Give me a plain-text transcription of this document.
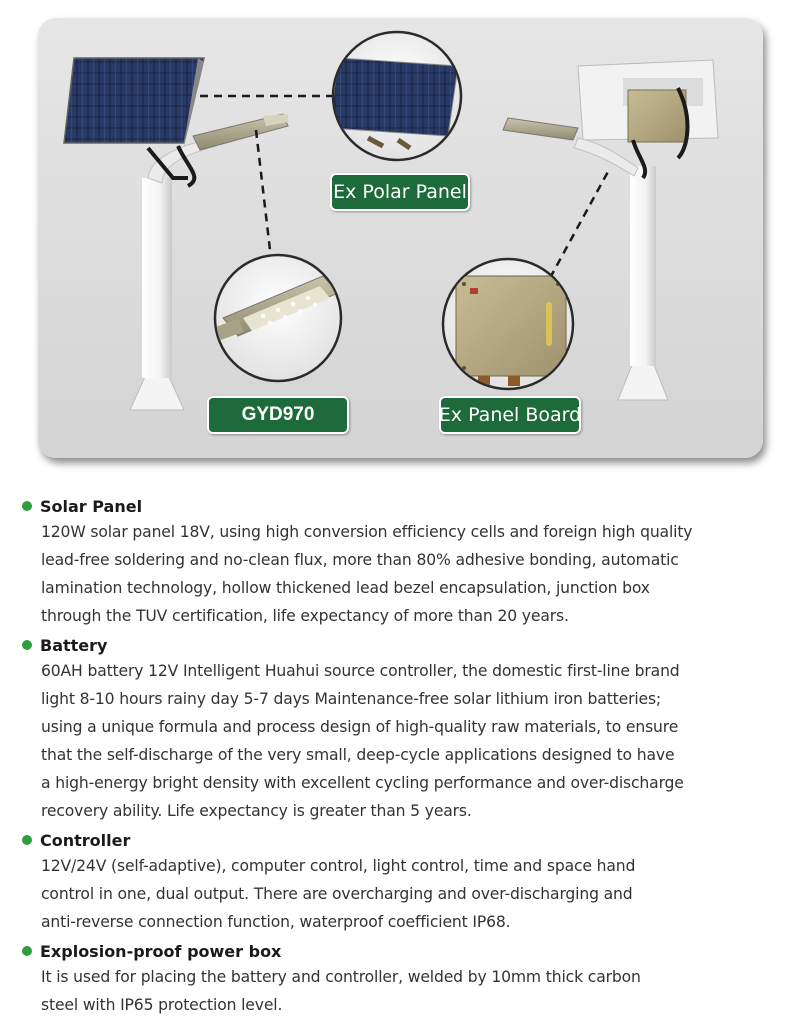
Ex Polar Panel
GYD970	Ex Panel Board
Solar Panel
120W solar panel 18V, using high conversion efficiency cells and foreign high quality
lead-free soldering and no-clean flux, more than 80% adhesive bonding, automatic
lamination technology, hollow thickened lead bezel encapsulation, junction box
through the TUV certification, life expectancy of more than 20 years.
Battery
60AH battery 12V Intelligent Huahui source controller, the domestic first-line brand
light 8-10 hours rainy day 5-7 days Maintenance-free solar lithium iron batteries;
using a unique formula and process design of high-quality raw materials, to ensure
that the self-discharge of the very small, deep-cycle applications designed to have
a high-energy bright density with excellent cycling performance and over-discharge
recovery ability. Life expectancy is greater than 5 years.
Controller
12V/24V (self-adaptive), computer control, light control, time and space hand
control in one, dual output. There are overcharging and over-discharging and
anti-reverse connection function, waterproof coefficient IP68.
Explosion-proof power box
It is used for placing the battery and controller, welded by 10mm thick carbon
steel with IP65 protection level.
